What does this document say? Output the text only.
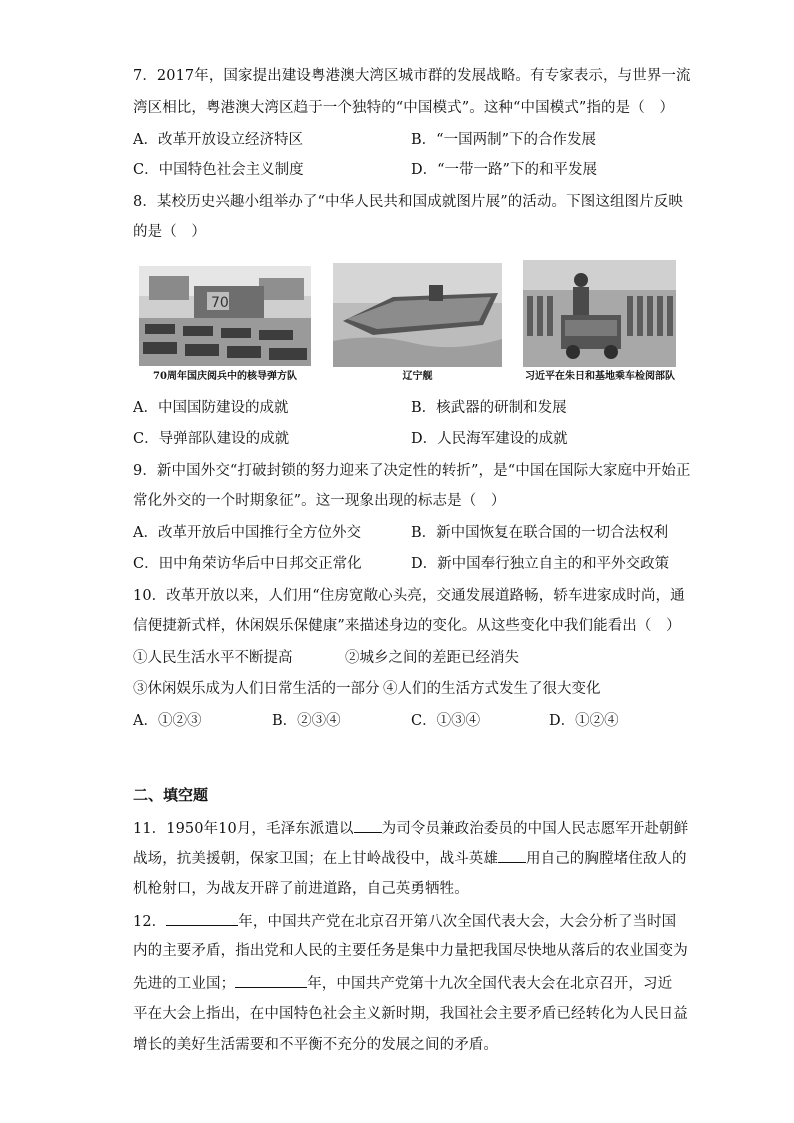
7．2017年，国家提出建设粤港澳大湾区城市群的发展战略。有专家表示，与世界一流
湾区相比，粤港澳大湾区趋于一个独特的“中国模式”。这种“中国模式”指的是（　）
A．改革开放设立经济特区	B．“一国两制”下的合作发展
C．中国特色社会主义制度	D．“一带一路”下的和平发展
8．某校历史兴趣小组举办了“中华人民共和国成就图片展”的活动。下图这组图片反映
的是（　）
70
70周年国庆阅兵中的核导弹方队	辽宁舰	习近平在朱日和基地乘车检阅部队
A．中国国防建设的成就	B．核武器的研制和发展
C．导弹部队建设的成就	D．人民海军建设的成就
9．新中国外交“打破封锁的努力迎来了决定性的转折”，是“中国在国际大家庭中开始正
常化外交的一个时期象征”。这一现象出现的标志是（　）
A．改革开放后中国推行全方位外交	B．新中国恢复在联合国的一切合法权利
C．田中角荣访华后中日邦交正常化	D．新中国奉行独立自主的和平外交政策
10．改革开放以来，人们用“住房宽敞心头亮，交通发展道路畅，轿车进家成时尚，通
信便捷新式样，休闲娱乐保健康”来描述身边的变化。从这些变化中我们能看出（　）
①人民生活水平不断提高	②城乡之间的差距已经消失
③休闲娱乐成为人们日常生活的一部分 ④人们的生活方式发生了很大变化
A．①②③	B．②③④	C．①③④	D．①②④
二、填空题
11．1950年10月，毛泽东派遣以 为司令员兼政治委员的中国人民志愿军开赴朝鲜
战场，抗美援朝，保家卫国；在上甘岭战役中，战斗英雄 用自己的胸膛堵住敌人的
机枪射口，为战友开辟了前进道路，自己英勇牺牲。
12．	年，中国共产党在北京召开第八次全国代表大会，大会分析了当时国
内的主要矛盾，指出党和人民的主要任务是集中力量把我国尽快地从落后的农业国变为
先进的工业国；	年，中国共产党第十九次全国代表大会在北京召开，习近
平在大会上指出，在中国特色社会主义新时期，我国社会主要矛盾已经转化为人民日益
增长的美好生活需要和不平衡不充分的发展之间的矛盾。
